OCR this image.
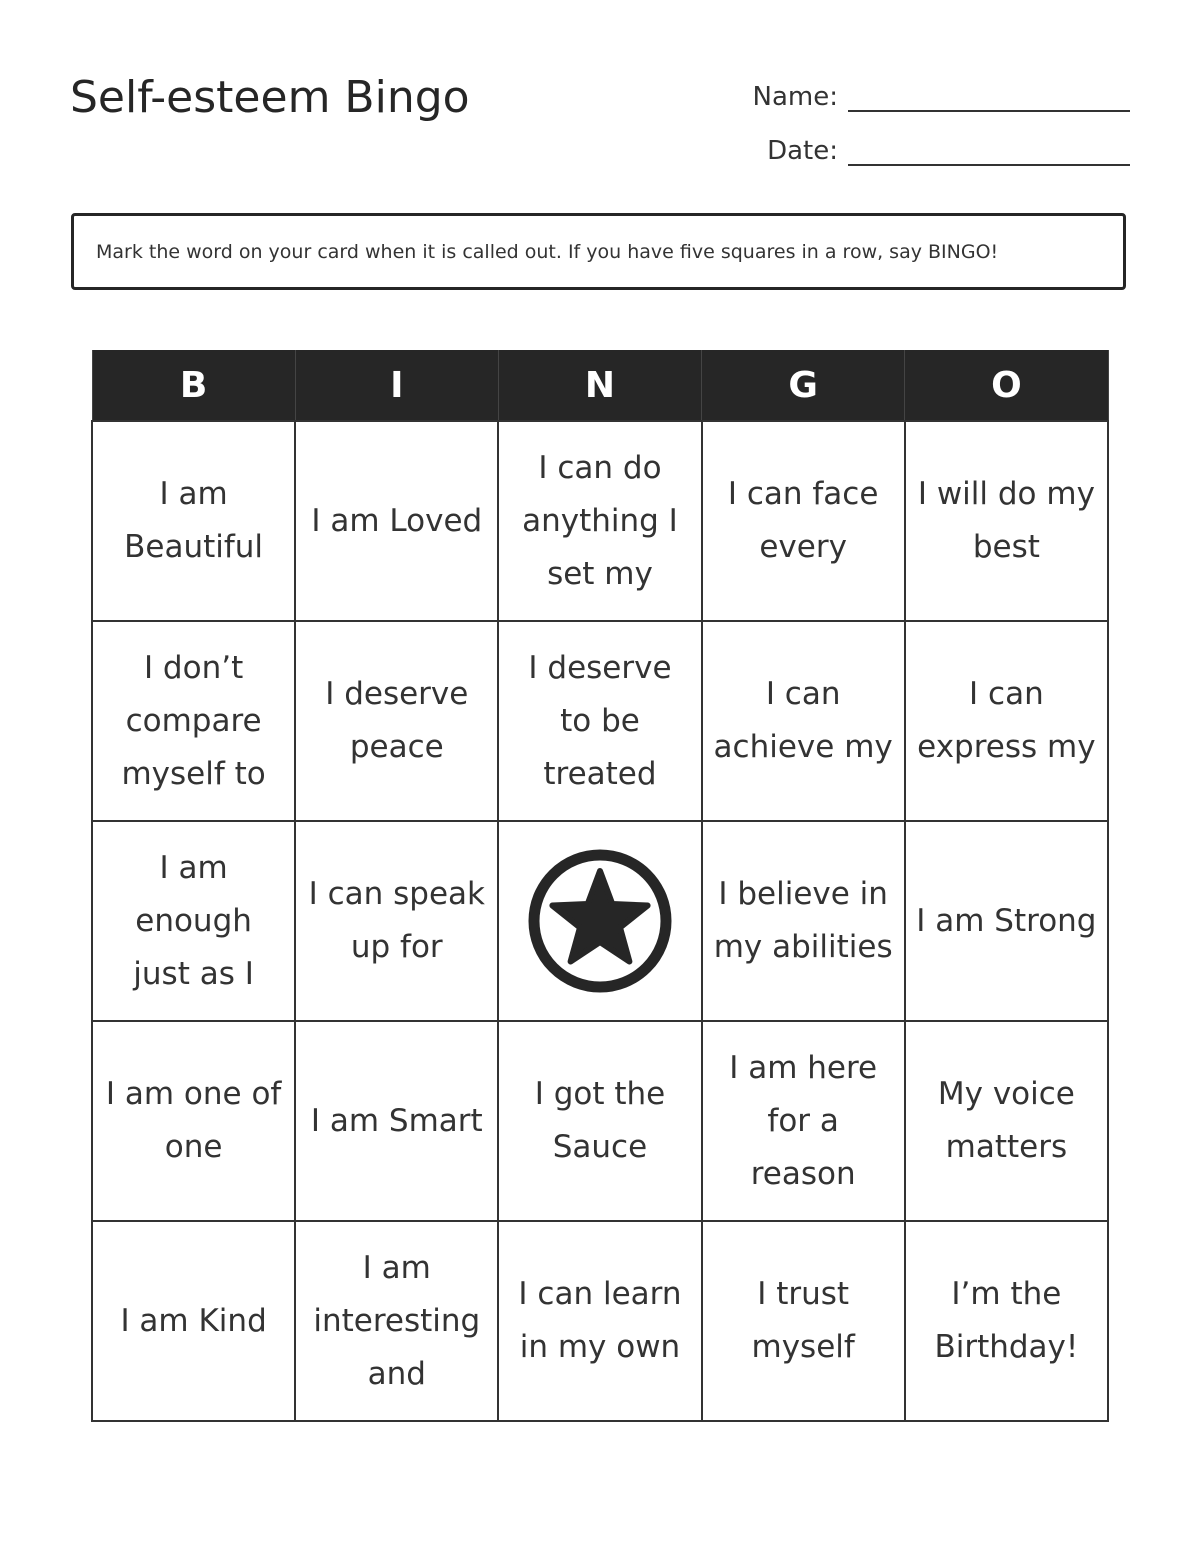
Self-esteem Bingo	Name:
Date:
Mark the word on your card when it is called out. If you have five squares in a row, say BINGO!
B	I	N	G	O

I am Beautiful	I am Loved	I can do anything I set my	I can face every	I will do my best

I don’t compare myself to	I deserve peace	I deserve to be treated	I can achieve my	I can express my

I am enough just as I	I can speak up for		I believe in my abilities	I am Strong

I am one of one	I am Smart	I got the Sauce	I am here for a reason	My voice matters

I am Kind	I am interesting and	I can learn in my own	I trust myself	I’m the Birthday!
